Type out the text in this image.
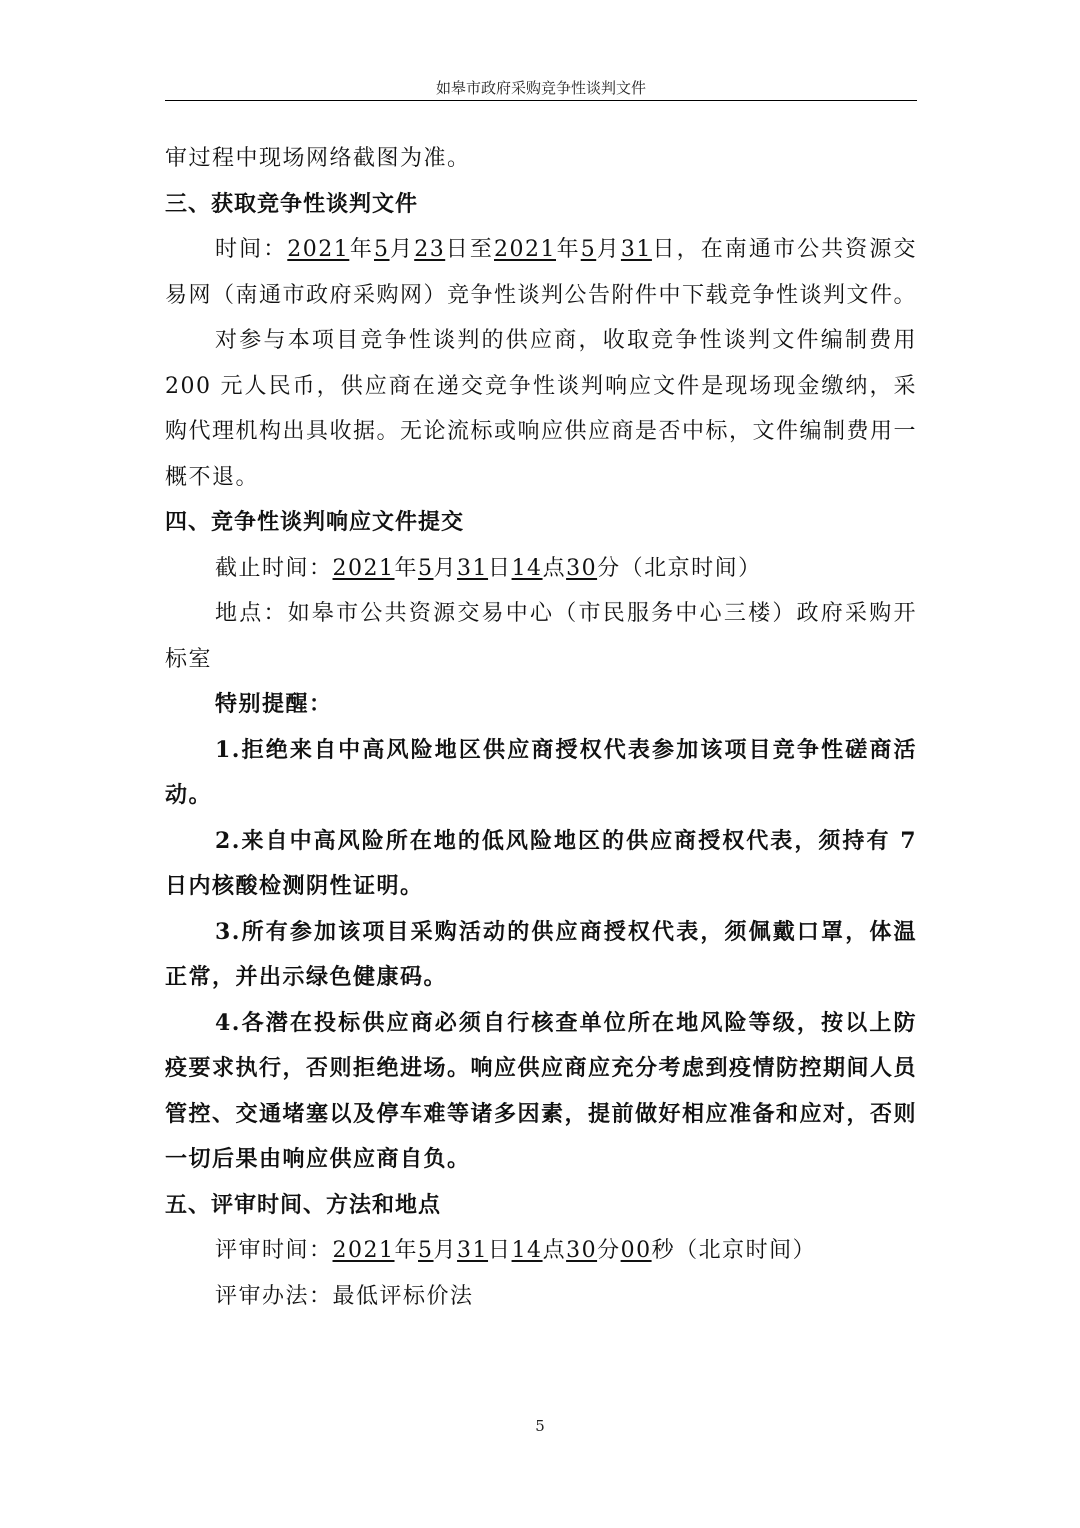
如皋市政府采购竞争性谈判文件

审过程中现场网络截图为准。

三、获取竞争性谈判文件

时间：2021年5月23日至2021年5月31日，在南通市公共资源交易网（南通市政府采购网）竞争性谈判公告附件中下载竞争性谈判文件。

对参与本项目竞争性谈判的供应商，收取竞争性谈判文件编制费用 200 元人民币，供应商在递交竞争性谈判响应文件是现场现金缴纳，采购代理机构出具收据。无论流标或响应供应商是否中标，文件编制费用一概不退。

四、竞争性谈判响应文件提交

截止时间：2021年5月31日14点30分（北京时间）

地点：如皋市公共资源交易中心（市民服务中心三楼）政府采购开标室

特别提醒：

1.拒绝来自中高风险地区供应商授权代表参加该项目竞争性磋商活动。

2.来自中高风险所在地的低风险地区的供应商授权代表，须持有 7 日内核酸检测阴性证明。

3.所有参加该项目采购活动的供应商授权代表，须佩戴口罩，体温正常，并出示绿色健康码。

4.各潜在投标供应商必须自行核查单位所在地风险等级，按以上防疫要求执行，否则拒绝进场。响应供应商应充分考虑到疫情防控期间人员管控、交通堵塞以及停车难等诸多因素，提前做好相应准备和应对，否则一切后果由响应供应商自负。

五、评审时间、方法和地点

评审时间：2021年5月31日14点30分00秒（北京时间）

评审办法：最低评标价法

5
